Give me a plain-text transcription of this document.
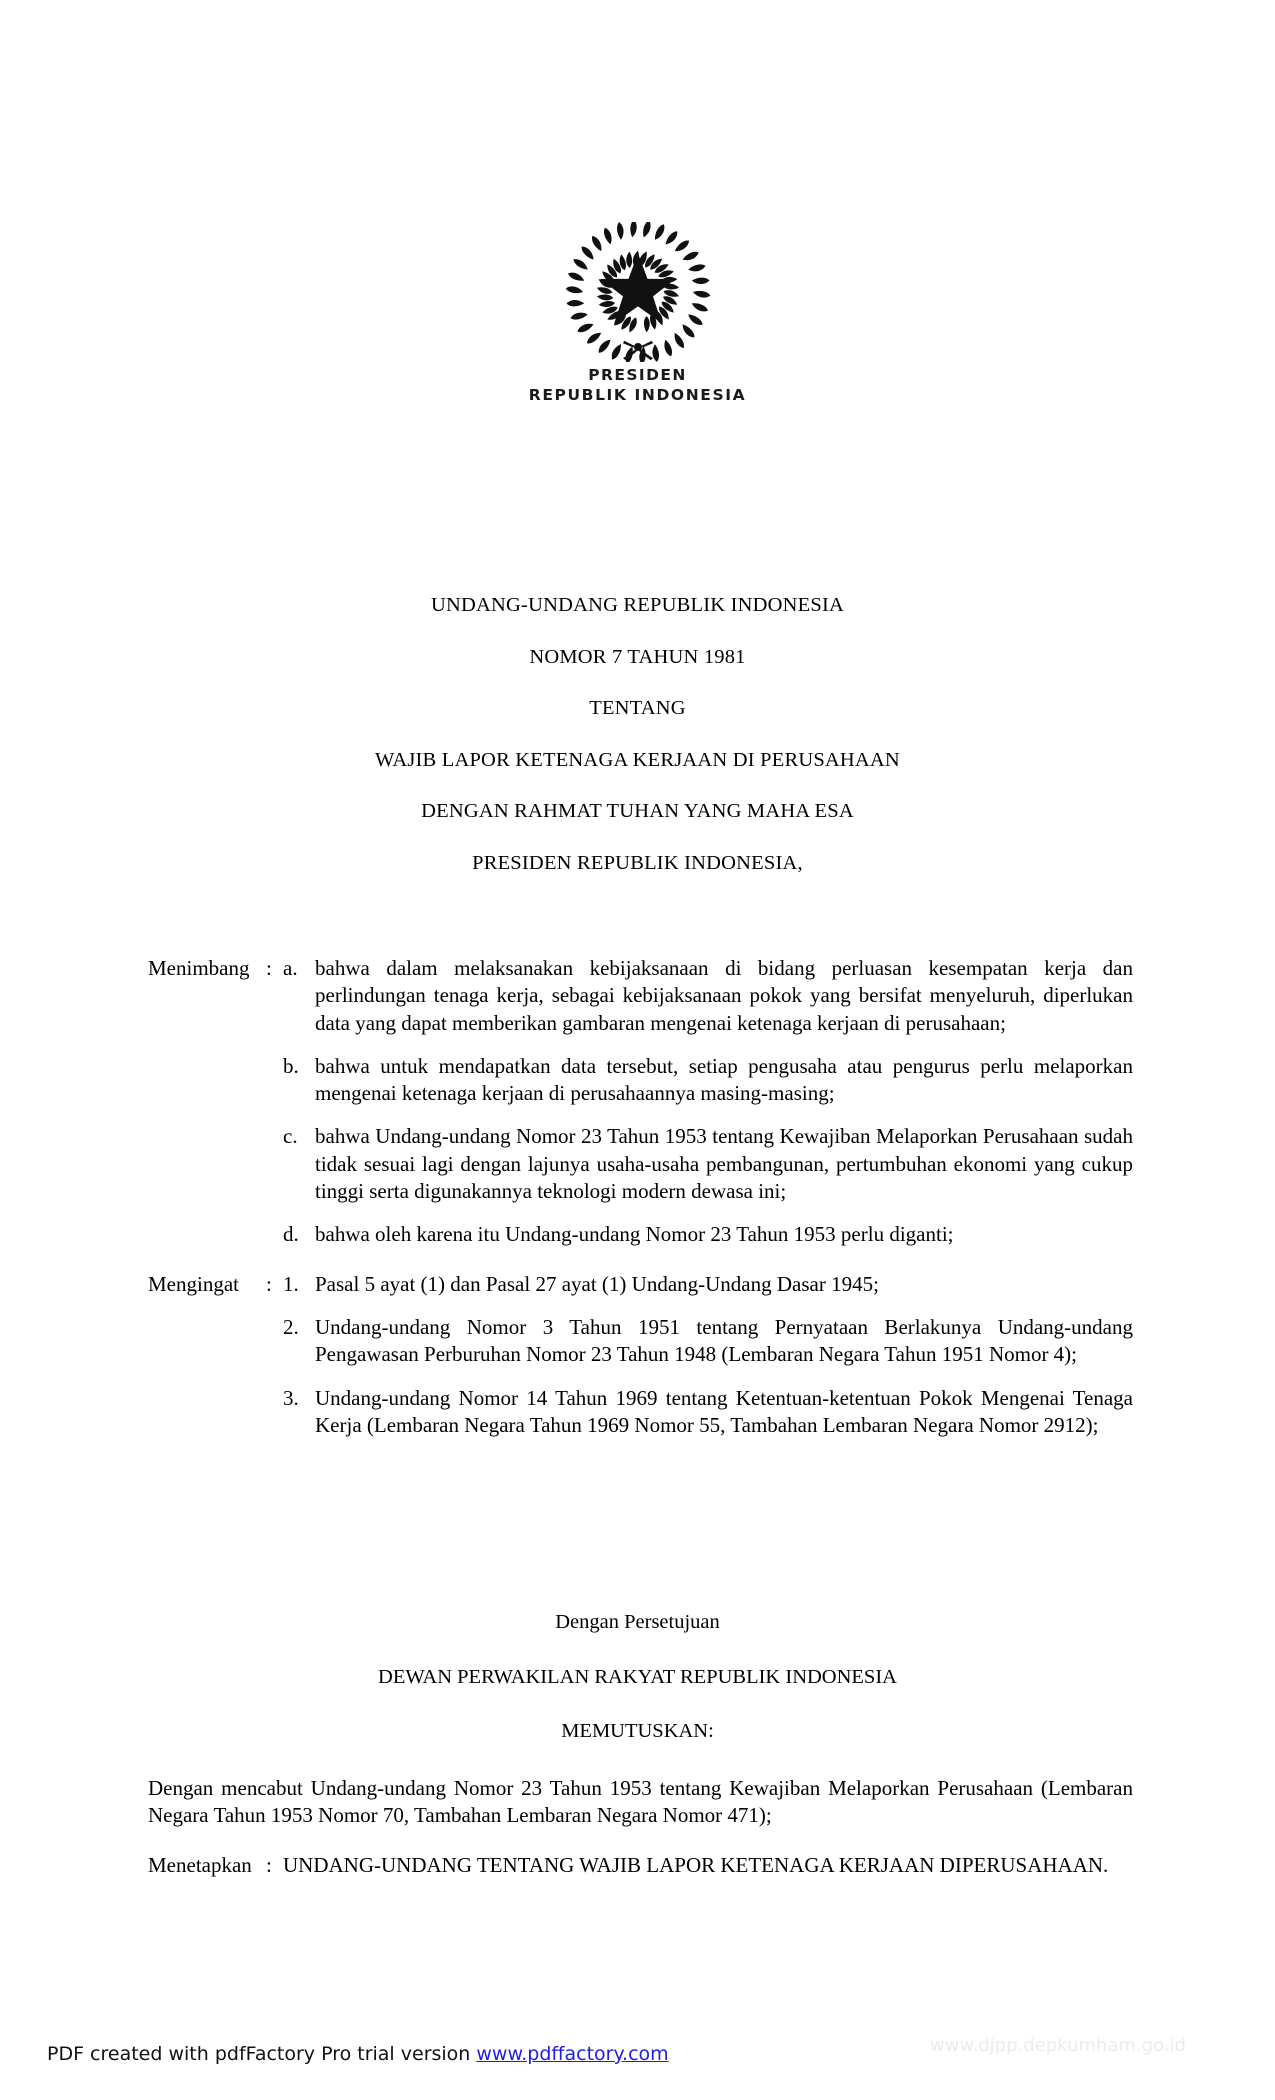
PRESIDEN
REPUBLIK INDONESIA
UNDANG-UNDANG REPUBLIK INDONESIA
NOMOR 7 TAHUN 1981
TENTANG
WAJIB LAPOR KETENAGA KERJAAN DI PERUSAHAAN
DENGAN RAHMAT TUHAN YANG MAHA ESA
PRESIDEN REPUBLIK INDONESIA,
Menimbang : a. bahwa dalam melaksanakan kebijaksanaan di bidang perluasan kesempatan kerja dan perlindungan tenaga kerja, sebagai kebijaksanaan pokok yang bersifat menyeluruh, diperlukan data yang dapat memberikan gambaran mengenai ketenaga kerjaan di perusahaan;
b. bahwa untuk mendapatkan data tersebut, setiap pengusaha atau pengurus perlu melaporkan mengenai ketenaga kerjaan di perusahaannya masing-masing;
c. bahwa Undang-undang Nomor 23 Tahun 1953 tentang Kewajiban Melaporkan Perusahaan sudah tidak sesuai lagi dengan lajunya usaha-usaha pembangunan, pertumbuhan ekonomi yang cukup tinggi serta digunakannya teknologi modern dewasa ini;
d. bahwa oleh karena itu Undang-undang Nomor 23 Tahun 1953 perlu diganti;
Mengingat	: 1. Pasal 5 ayat (1) dan Pasal 27 ayat (1) Undang-Undang Dasar 1945;
2. Undang-undang Nomor 3 Tahun 1951 tentang Pernyataan Berlakunya Undang-undang Pengawasan Perburuhan Nomor 23 Tahun 1948 (Lembaran Negara Tahun 1951 Nomor 4);
3. Undang-undang Nomor 14 Tahun 1969 tentang Ketentuan-ketentuan Pokok Mengenai Tenaga Kerja (Lembaran Negara Tahun 1969 Nomor 55, Tambahan Lembaran Negara Nomor 2912);
Dengan Persetujuan
DEWAN PERWAKILAN RAKYAT REPUBLIK INDONESIA
MEMUTUSKAN:
Dengan mencabut Undang-undang Nomor 23 Tahun 1953 tentang Kewajiban Melaporkan Perusahaan (Lembaran Negara Tahun 1953 Nomor 70, Tambahan Lembaran Negara Nomor 471);
Menetapkan : UNDANG-UNDANG TENTANG WAJIB LAPOR KETENAGA KERJAAN DIPERUSAHAAN.
PDF created with pdfFactory Pro trial version www.pdffactory.com	www.djpp.depkumham.go.id
